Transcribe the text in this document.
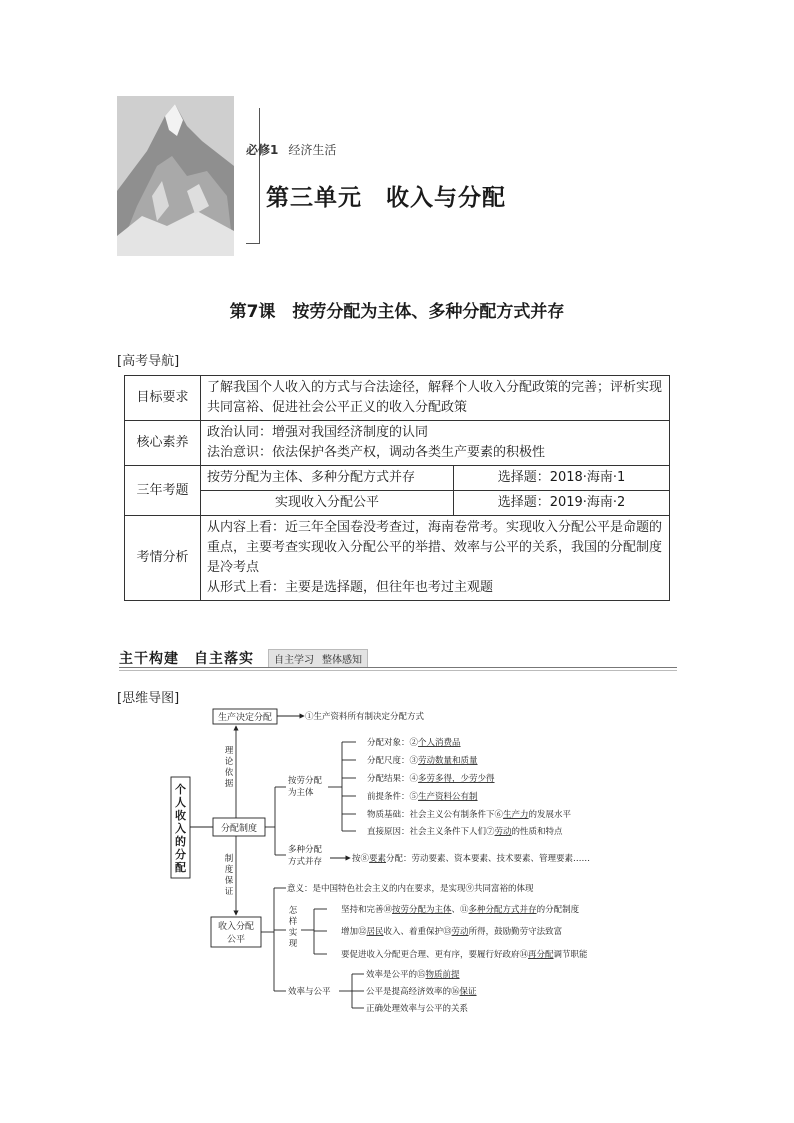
必修1 经济生活
第三单元　收入与分配
第7课　按劳分配为主体、多种分配方式并存
[高考导航]
目标要求	了解我国个人收入的方式与合法途径，解释个人收入分配政策的完善；评析实现共同富裕、促进社会公平正义的收入分配政策	
核心素养	政治认同：增强对我国经济制度的认同
法治意识：依法保护各类产权，调动各类生产要素的积极性	

三年考题	按劳分配为主体、多种分配方式并存	选择题：2018·海南·1
	实现收入分配公平	选择题：2019·海南·2
考情分析	从内容上看：近三年全国卷没考查过，海南卷常考。实现收入分配公平是命题的重点，主要考查实现收入分配公平的举措、效率与公平的关系，我国的分配制度是冷考点
从形式上看：主要是选择题，但往年也考过主观题	
主干构建　自主落实	自主学习 整体感知
[思维导图]
个
人
收
入
的
分
配
生产决定分配	①生产资料所有制决定分配方式
理
论
依
据
分配制度
制
度
保
证
按劳分配
为主体
分配对象：②个人消费品
分配尺度：③劳动数量和质量
分配结果：④多劳多得，少劳少得
前提条件：⑤生产资料公有制
物质基础：社会主义公有制条件下⑥生产力的发展水平
直接原因：社会主义条件下人们⑦劳动的性质和特点
多种分配
方式并存	按⑧要素分配：劳动要素、资本要素、技术要素、管理要素……
收入分配
公平
意义：是中国特色社会主义的内在要求，是实现⑨共同富裕的体现
怎
样
实
现
坚持和完善⑩按劳分配为主体、⑪多种分配方式并存的分配制度
增加⑫居民收入、着重保护⑬劳动所得，鼓励勤劳守法致富
要促进收入分配更合理、更有序，要履行好政府⑭再分配调节职能
效率与公平
效率是公平的⑮物质前提
公平是提高经济效率的⑯保证
正确处理效率与公平的关系
